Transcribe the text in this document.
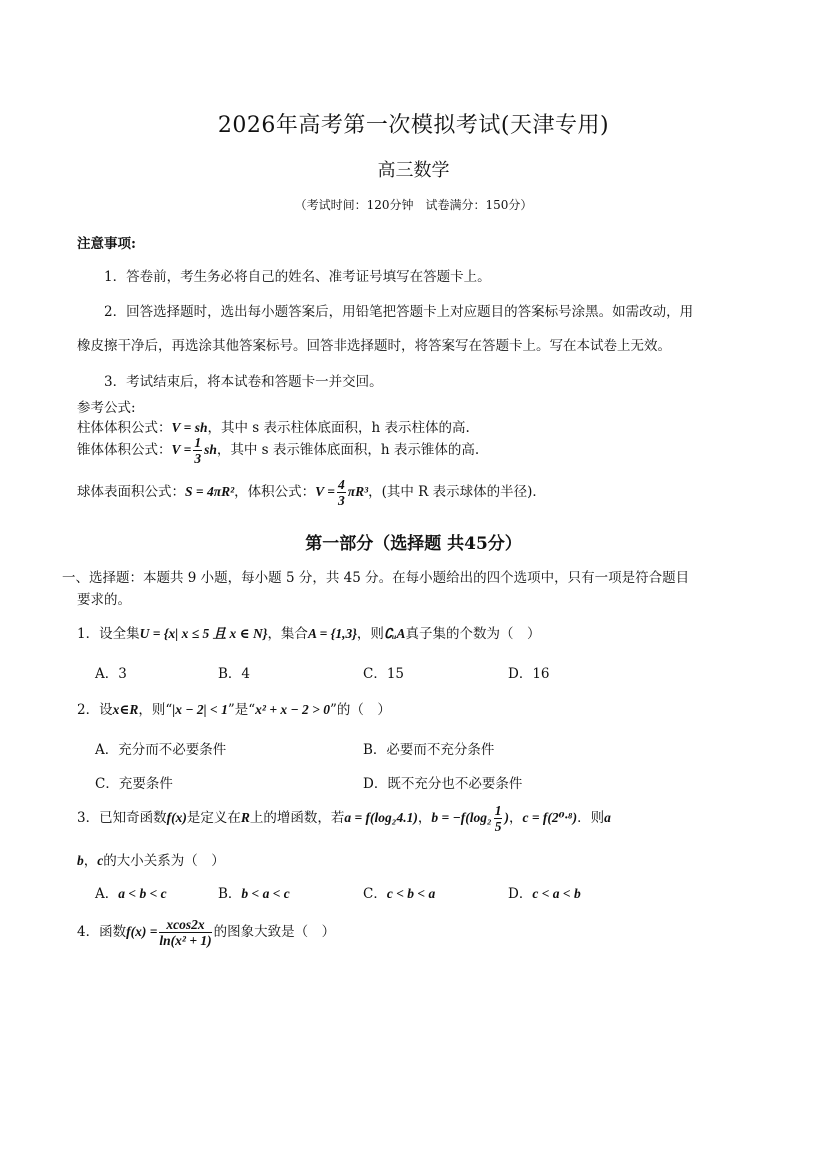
2026年高考第一次模拟考试(天津专用)
高三数学
（考试时间：120分钟　试卷满分：150分）
注意事项:
1．答卷前，考生务必将自己的姓名、准考证号填写在答题卡上。
2．回答选择题时，选出每小题答案后，用铅笔把答题卡上对应题目的答案标号涂黑。如需改动，用
橡皮擦干净后，再选涂其他答案标号。回答非选择题时，将答案写在答题卡上。写在本试卷上无效。
3．考试结束后，将本试卷和答题卡一并交回。
参考公式:
柱体体积公式：V = sh，其中 s 表示柱体底面积，h 表示柱体的高.
锥体体积公式：$V = \frac{1}{3}$ sh，其中 s 表示锥体底面积，h 表示锥体的高.
球体表面积公式：S = 4πR²，体积公式：$V = \frac{4}{3} \pi R^3$，(其中 R 表示球体的半径)．
第一部分（选择题 共45分）
一、选择题：本题共 9 小题，每小题 5 分，共 45 分。在每小题给出的四个选项中，只有一项是符合题目
要求的。
1．设全集U = {x| x ≤ 5 且 x ∈ N}，集合A = {1,3}，则∁ᵤA真子集的个数为（　）
A．3	B．4	C．15	D．16
2．设x∈R，则“|x − 2| < 1”是“x² + x − 2 > 0”的（　）
A．充分而不必要条件	B．必要而不充分条件
C．充要条件	D．既不充分也不必要条件
3．已知奇函数f(x)是定义在R上的增函数，若a = f(log₂4.1)，$b = -f(\log_2 \frac{1}{5}$ )，c = f(2⁰·⁸)．则a
b，c的大小关系为（　）
A．a < b < c	B．b < a < c	C．c < b < a	D．c < a < b
4．函数$f(x) = \frac{xcos2x}{\text{ln(x² + 1)}}$ 的图象大致是（　）
